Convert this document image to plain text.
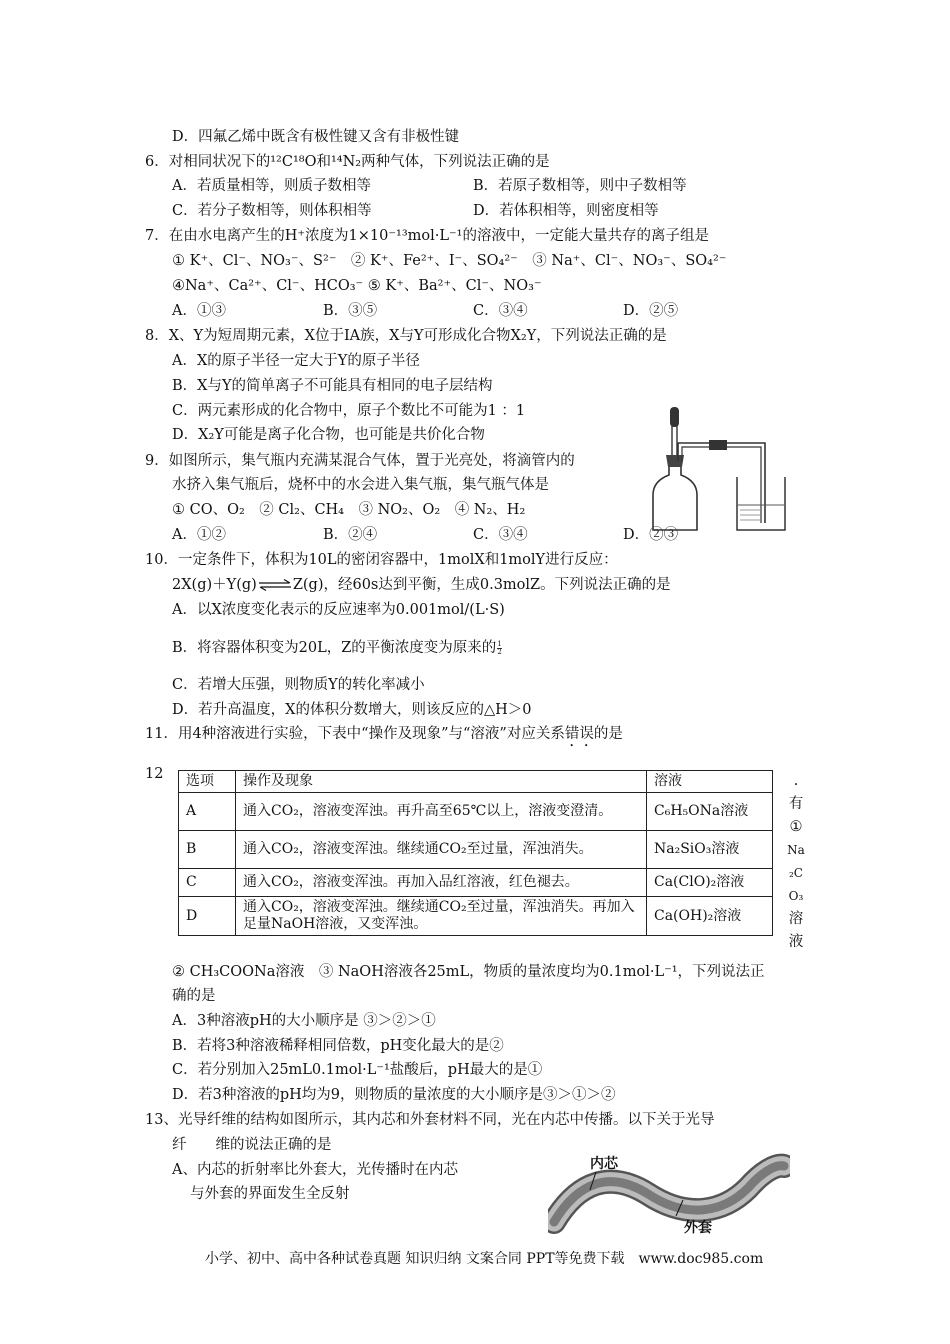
D．四氟乙烯中既含有极性键又含有非极性键
6．对相同状况下的¹²C¹⁸O和¹⁴N₂两种气体，下列说法正确的是
A．若质量相等，则质子数相等	B．若原子数相等，则中子数相等
C．若分子数相等，则体积相等	D．若体积相等，则密度相等
7．在由水电离产生的H⁺浓度为1×10⁻¹³mol·L⁻¹的溶液中，一定能大量共存的离子组是
① K⁺、Cl⁻、NO₃⁻、S²⁻　② K⁺、Fe²⁺、I⁻、SO₄²⁻　③ Na⁺、Cl⁻、NO₃⁻、SO₄²⁻
④Na⁺、Ca²⁺、Cl⁻、HCO₃⁻ ⑤ K⁺、Ba²⁺、Cl⁻、NO₃⁻
A．①③	B．③⑤	C．③④	D．②⑤
8．X、Y为短周期元素，X位于IA族，X与Y可形成化合物X₂Y，下列说法正确的是
A．X的原子半径一定大于Y的原子半径
B．X与Y的简单离子不可能具有相同的电子层结构
C．两元素形成的化合物中，原子个数比不可能为1 ：1
D．X₂Y可能是离子化合物，也可能是共价化合物
9．如图所示，集气瓶内充满某混合气体，置于光亮处，将滴管内的
水挤入集气瓶后，烧杯中的水会进入集气瓶，集气瓶气体是
① CO、O₂　② Cl₂、CH₄　③ NO₂、O₂　④ N₂、H₂
A．①②	B．②④	C．③④	D．②③
10．一定条件下，体积为10L的密闭容器中，1molX和1molY进行反应：
2X(g)＋Y(g)⇌Z(g)，经60s达到平衡，生成0.3molZ。下列说法正确的是
A．以X浓度变化表示的反应速率为0.001mol/(L·S)
B．将容器体积变为20L，Z的平衡浓度变为原来的 $\frac{1}{2}$
C．若增大压强，则物质Y的转化率减小
D．若升高温度，X的体积分数增大，则该反应的△H＞0
11．用4种溶液进行实验，下表中“操作及现象”与“溶液”对应关系错误的是
12 选项	操作及现象	溶液
A	通入CO₂，溶液变浑浊。再升高至65℃以上，溶液变澄清。	C₆H₅ONa溶液
B	通入CO₂，溶液变浑浊。继续通CO₂至过量，浑浊消失。	Na₂SiO₃溶液
C	通入CO₂，溶液变浑浊。再加入品红溶液，红色褪去。	Ca(ClO)₂溶液
D	通入CO₂，溶液变浑浊。继续通CO₂至过量，浑浊消失。再加入足量NaOH溶液，又变浑浊。	Ca(OH)₂溶液
.
有
①
Na
₂C
O₃
溶
液
② CH₃COONa溶液　③ NaOH溶液各25mL，物质的量浓度均为0.1mol·L⁻¹，下列说法正
确的是
A．3种溶液pH的大小顺序是 ③＞②＞①
B．若将3种溶液稀释相同倍数，pH变化最大的是②
C．若分别加入25mL0.1mol·L⁻¹盐酸后，pH最大的是①
D．若3种溶液的pH均为9，则物质的量浓度的大小顺序是③＞①＞②
13、光导纤维的结构如图所示，其内芯和外套材料不同，光在内芯中传播。以下关于光导
纤　　维的说法正确的是
A、内芯的折射率比外套大，光传播时在内芯
与外套的界面发生全反射
内芯
外套
小学、初中、高中各种试卷真题 知识归纳 文案合同 PPT等免费下载　www.doc985.com
